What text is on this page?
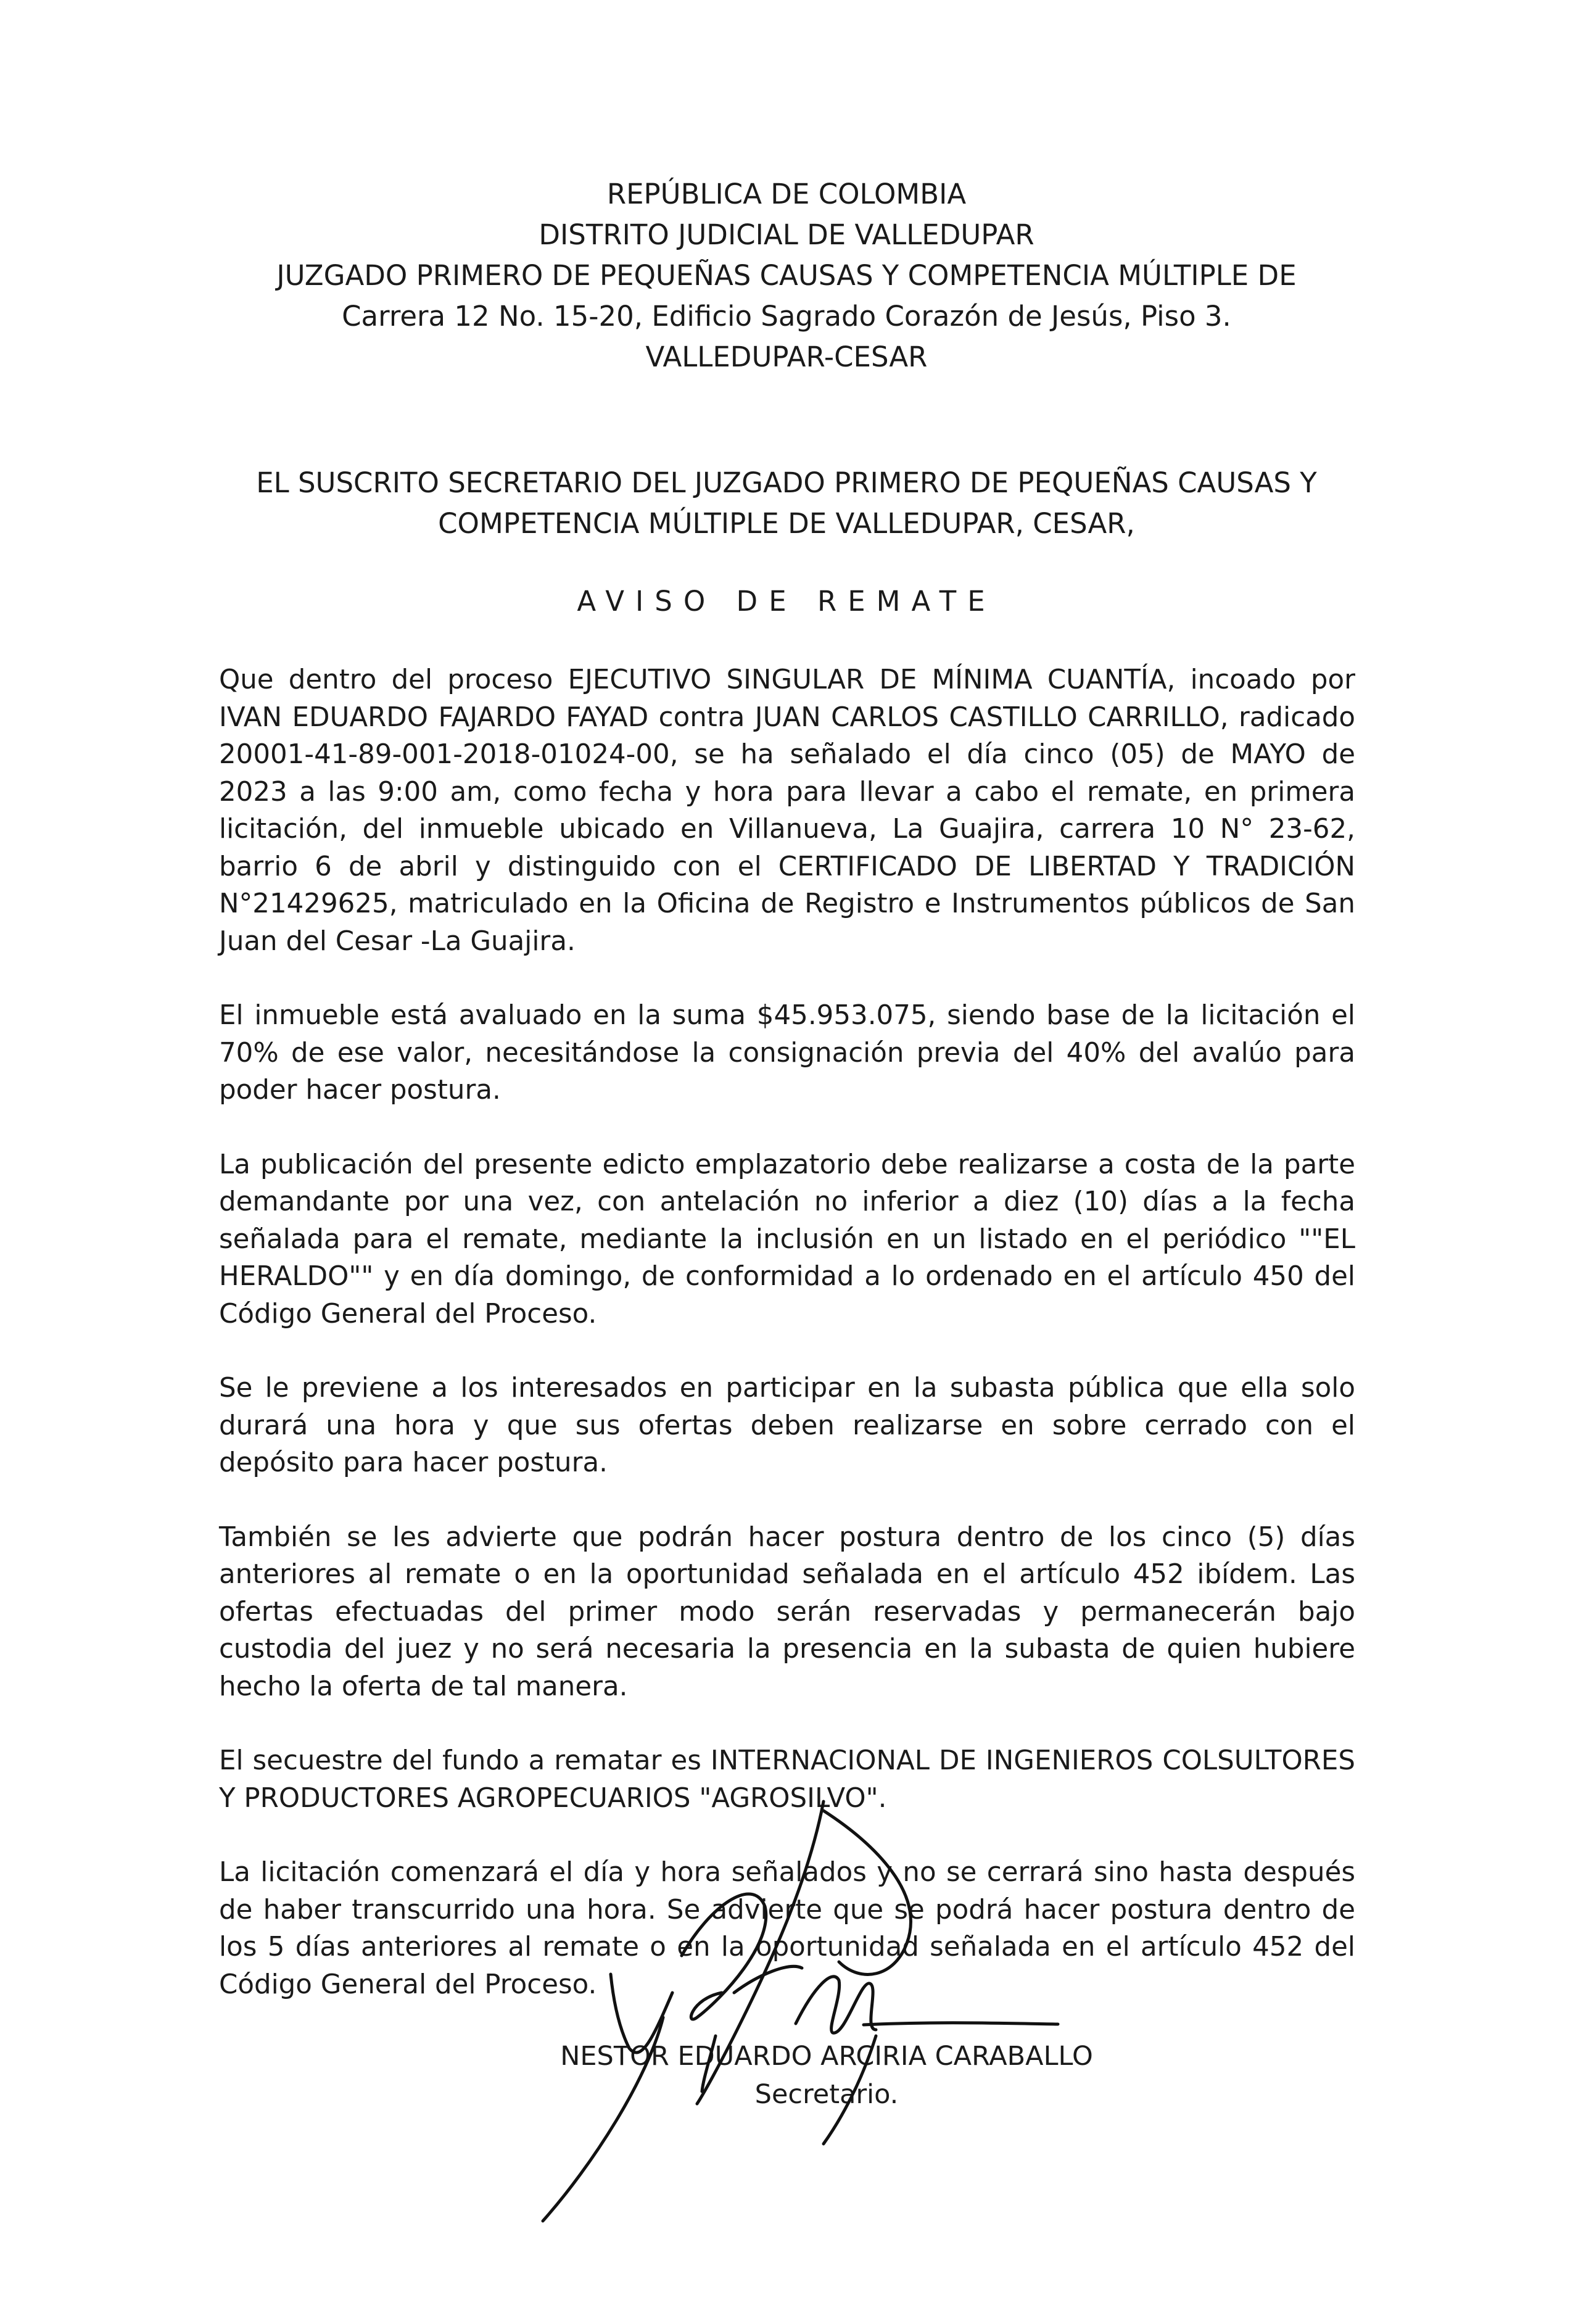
REPÚBLICA DE COLOMBIA
DISTRITO JUDICIAL DE VALLEDUPAR
JUZGADO PRIMERO DE PEQUEÑAS CAUSAS Y COMPETENCIA MÚLTIPLE DE
Carrera 12 No. 15-20, Edificio Sagrado Corazón de Jesús, Piso 3.
VALLEDUPAR-CESAR
EL SUSCRITO SECRETARIO DEL JUZGADO PRIMERO DE PEQUEÑAS CAUSAS Y
COMPETENCIA MÚLTIPLE DE VALLEDUPAR, CESAR,
AVISO DE REMATE

Que dentro del proceso EJECUTIVO SINGULAR DE MÍNIMA CUANTÍA, incoado por IVAN EDUARDO FAJARDO FAYAD contra JUAN CARLOS CASTILLO CARRILLO, radicado 20001-41-89-001-2018-01024-00, se ha señalado el día cinco (05) de MAYO de 2023 a las 9:00 am, como fecha y hora para llevar a cabo el remate, en primera licitación, del inmueble ubicado en Villanueva, La Guajira, carrera 10 N° 23-62, barrio 6 de abril y distinguido con el CERTIFICADO DE LIBERTAD Y TRADICIÓN N°21429625, matriculado en la Oficina de Registro e Instrumentos públicos de San Juan del Cesar -La Guajira.

El inmueble está avaluado en la suma $45.953.075, siendo base de la licitación el 70% de ese valor, necesitándose la consignación previa del 40% del avalúo para poder hacer postura.

La publicación del presente edicto emplazatorio debe realizarse a costa de la parte demandante por una vez, con antelación no inferior a diez (10) días a la fecha señalada para el remate, mediante la inclusión en un listado en el periódico ""EL HERALDO"" y en día domingo, de conformidad a lo ordenado en el artículo 450 del Código General del Proceso.

Se le previene a los interesados en participar en la subasta pública que ella solo durará una hora y que sus ofertas deben realizarse en sobre cerrado con el depósito para hacer postura.

También se les advierte que podrán hacer postura dentro de los cinco (5) días anteriores al remate o en la oportunidad señalada en el artículo 452 ibídem. Las ofertas efectuadas del primer modo serán reservadas y permanecerán bajo custodia del juez y no será necesaria la presencia en la subasta de quien hubiere hecho la oferta de tal manera.

El secuestre del fundo a rematar es INTERNACIONAL DE INGENIEROS COLSULTORES Y PRODUCTORES AGROPECUARIOS "AGROSILVO".

La licitación comenzará el día y hora señalados y no se cerrará sino hasta después de haber transcurrido una hora. Se advierte que se podrá hacer postura dentro de los 5 días anteriores al remate o en la oportunidad señalada en el artículo 452 del Código General del Proceso.

NESTOR EDUARDO ARCIRIA CARABALLO
Secretario.
